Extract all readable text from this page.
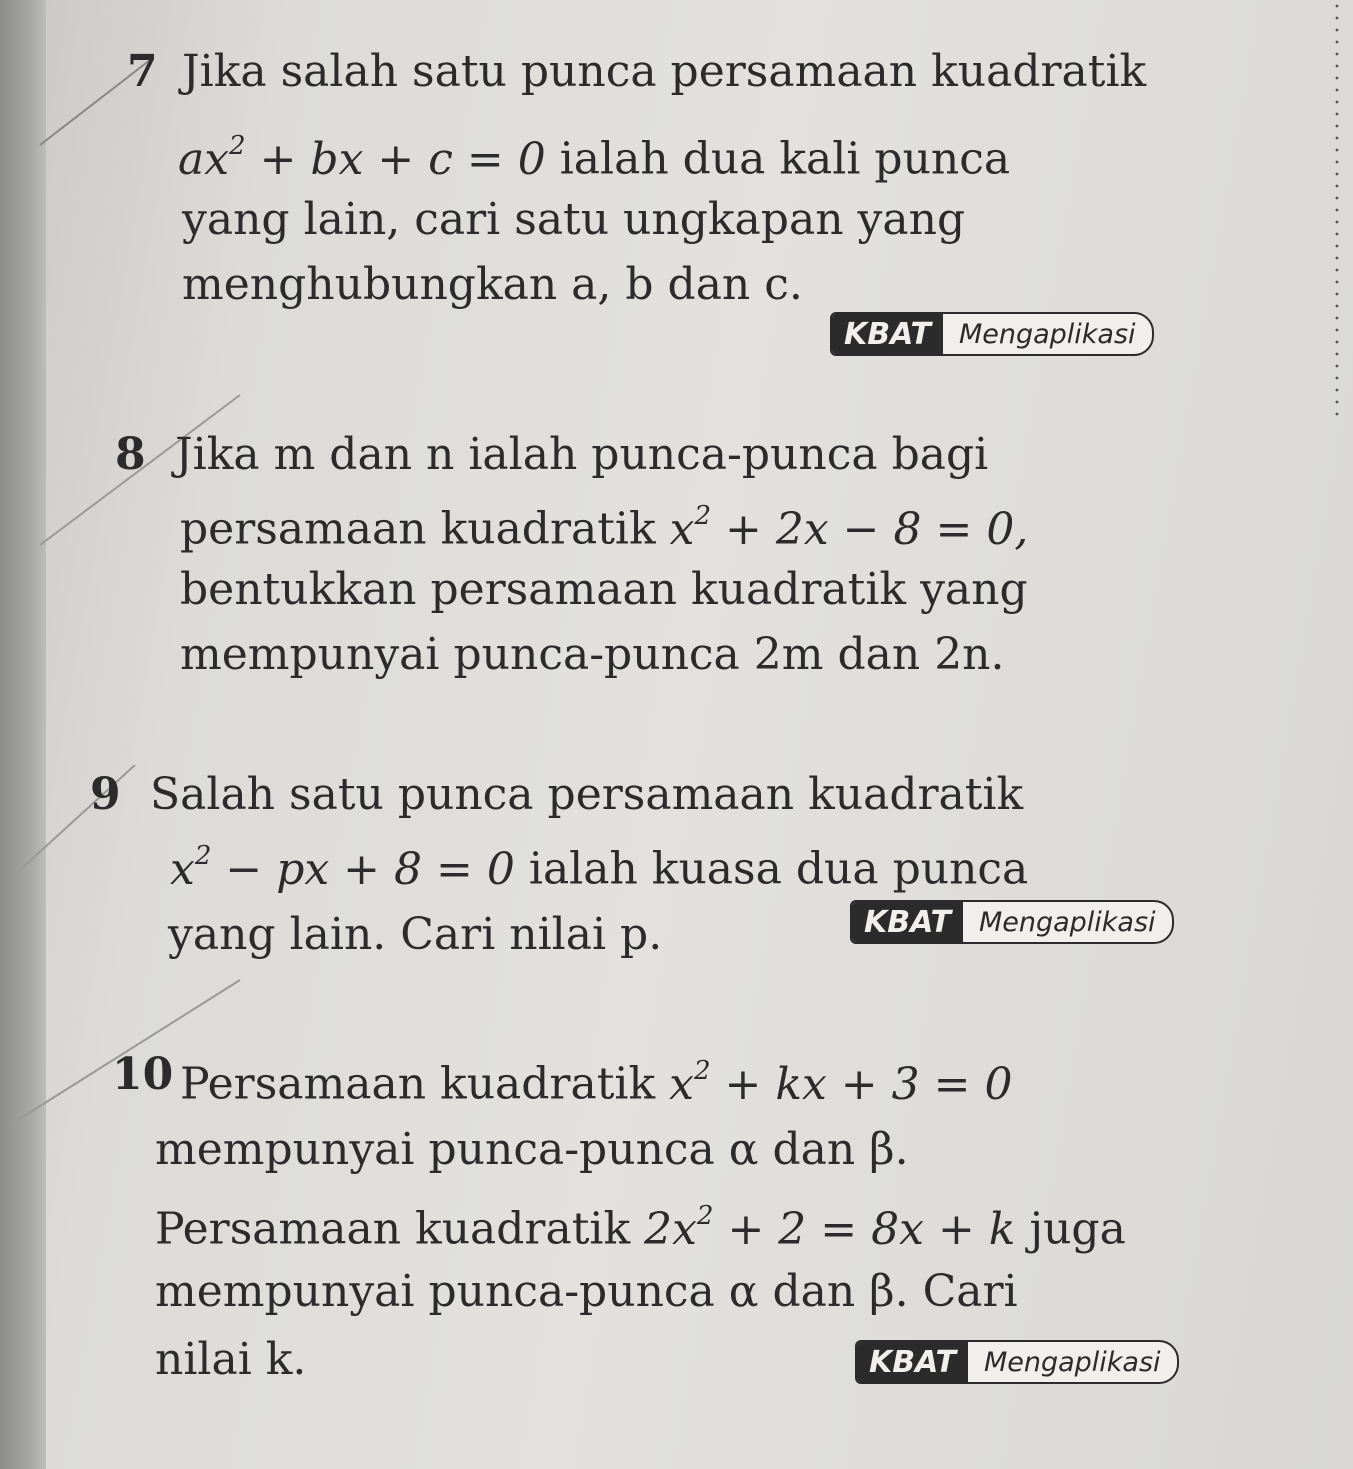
7 Jika salah satu punca persamaan kuadratik
$ax^2$ + bx + c = 0 ialah dua kali punca
yang lain, cari satu ungkapan yang
menghubungkan a, b dan c.
KBAT	Mengaplikasi
8 Jika m dan n ialah punca-punca bagi
persamaan kuadratik $x^2 + 2x - 8 = 0$,
bentukkan persamaan kuadratik yang
mempunyai punca-punca 2m dan 2n.
9 Salah satu punca persamaan kuadratik
$x^2$ − px + 8 = 0 ialah kuasa dua punca
yang lain. Cari nilai p.	KBAT	Mengaplikasi
10 Persamaan kuadratik $x^2$ + kx + 3 = 0
mempunyai punca-punca α dan β.
Persamaan kuadratik $2x^2 + 2 = 8x + k$ juga
mempunyai punca-punca α dan β. Cari
nilai k.	KBAT	Mengaplikasi
